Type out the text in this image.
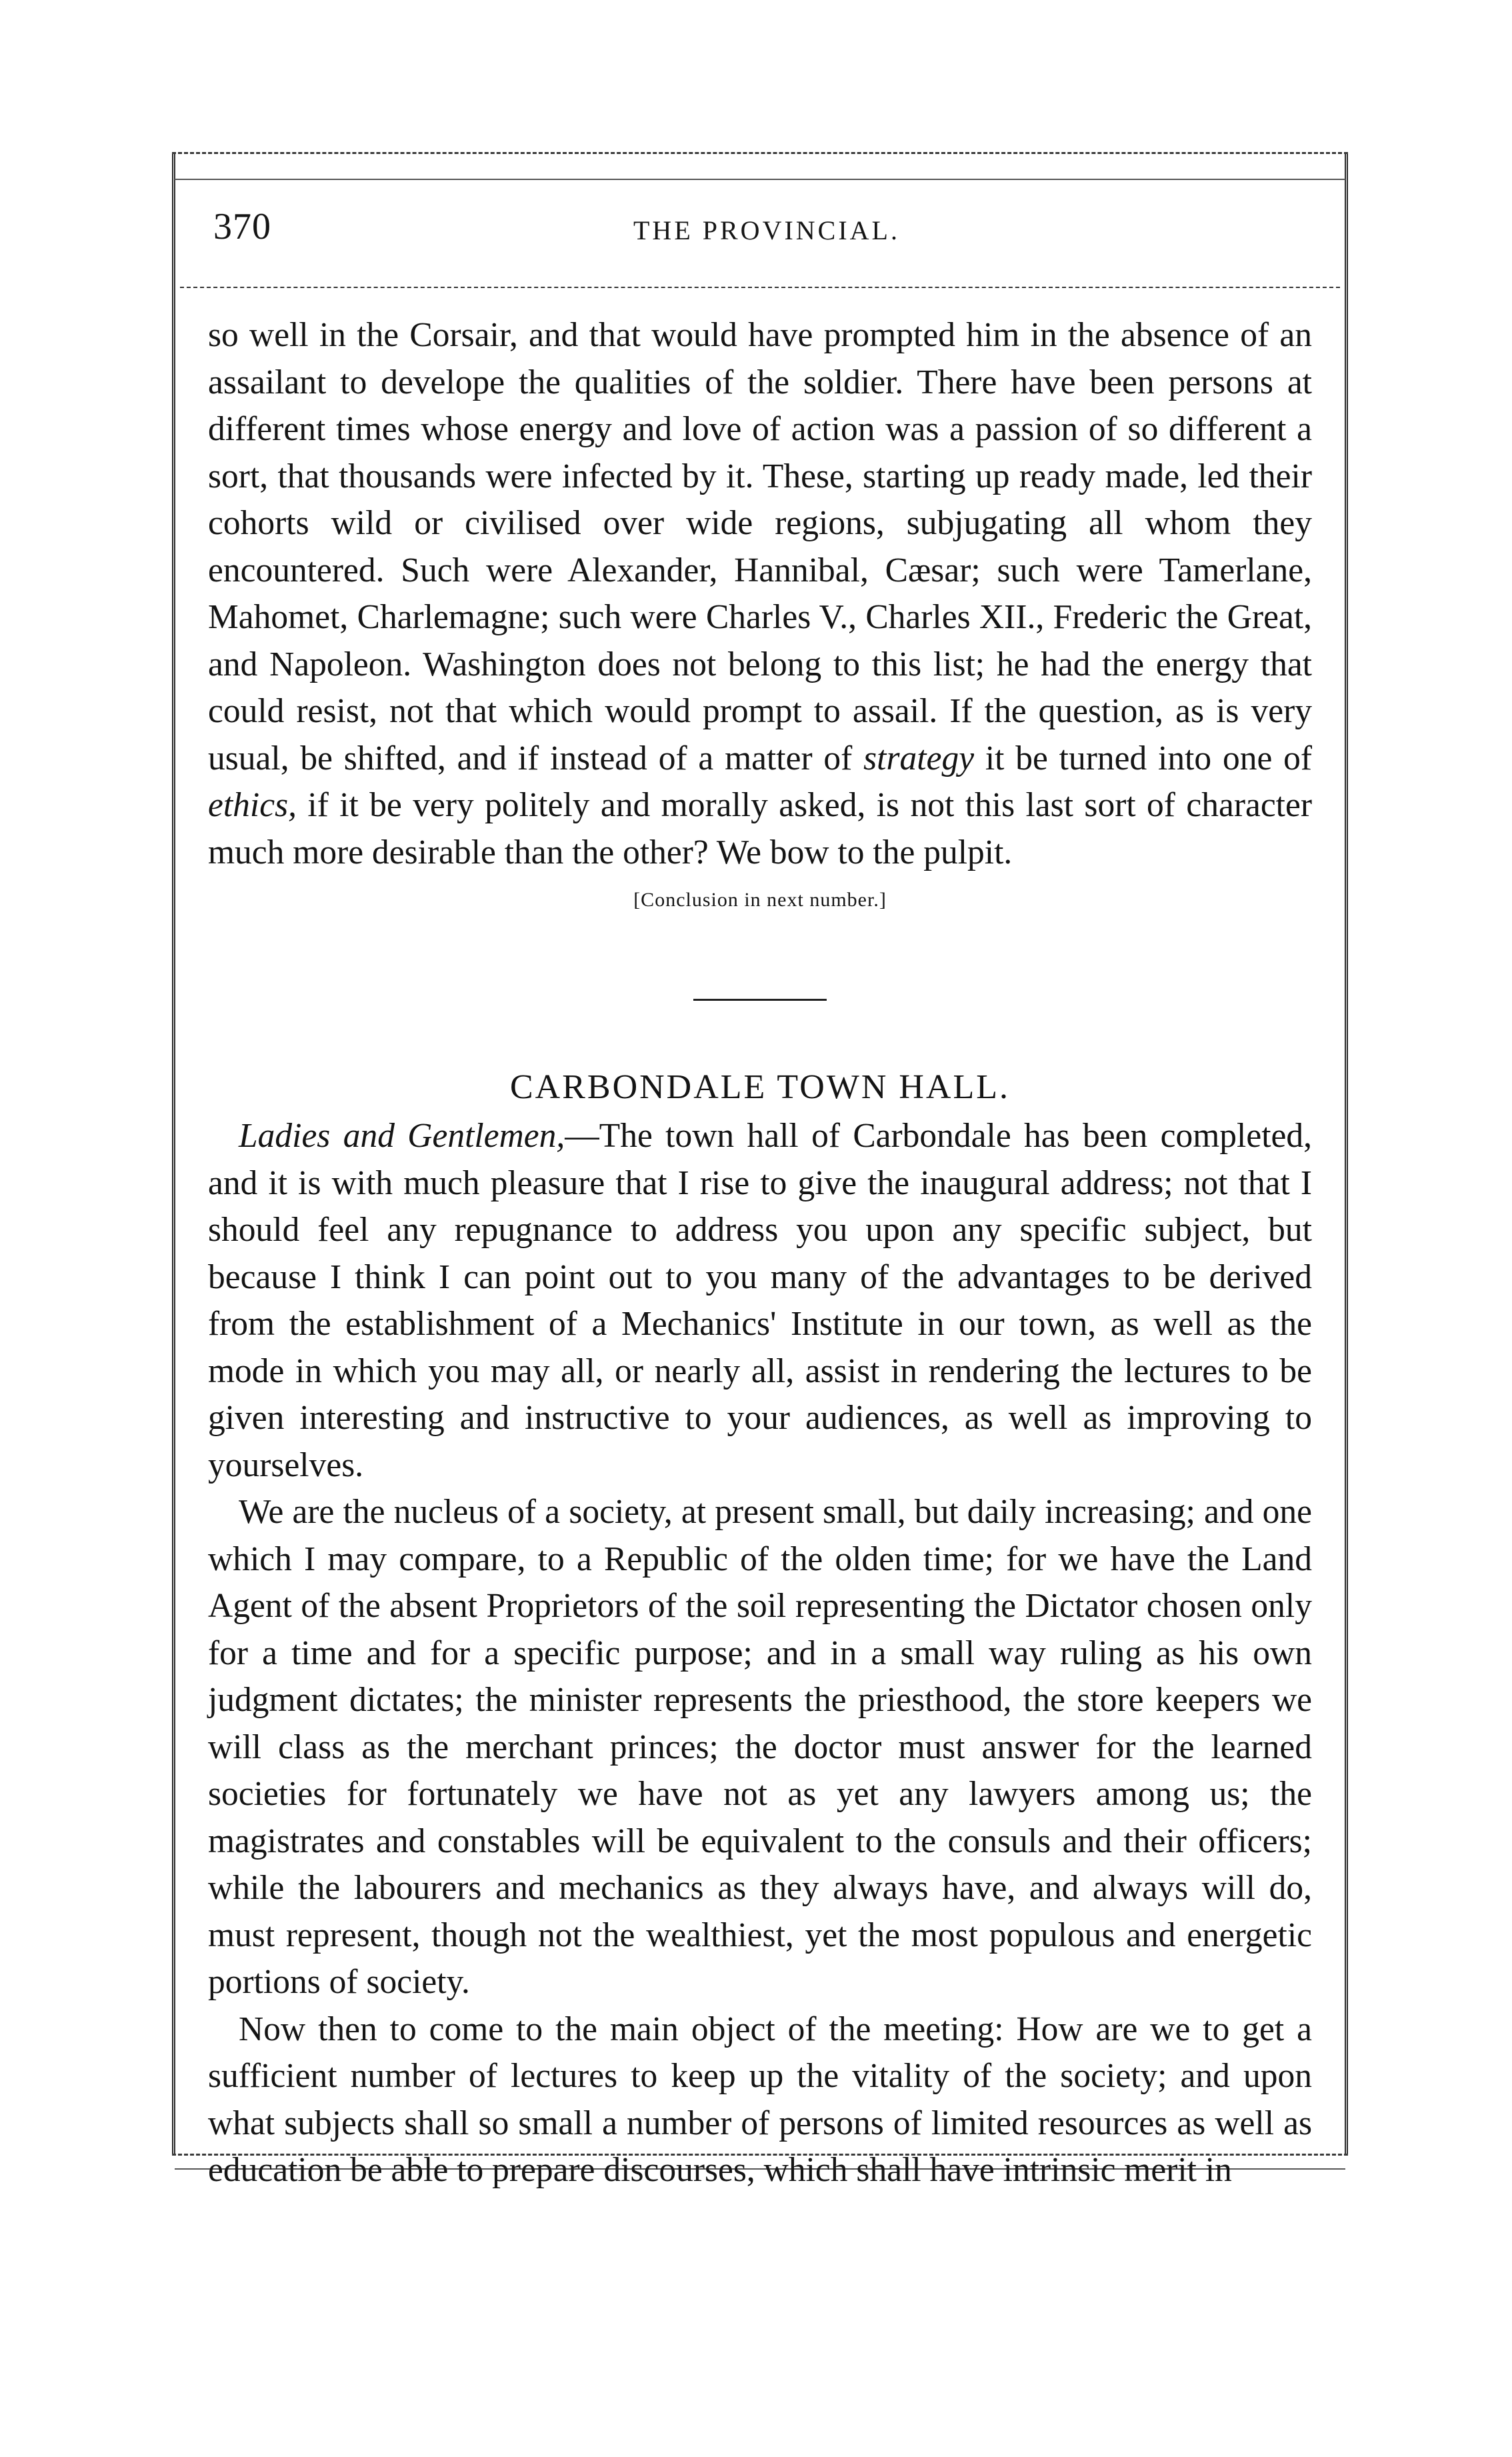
370	THE PROVINCIAL.

so well in the Corsair, and that would have prompted him in the absence of an assailant to develope the qualities of the soldier. There have been persons at different times whose energy and love of action was a passion of so different a sort, that thousands were infected by it. These, starting up ready made, led their cohorts wild or civilised over wide regions, subjugating all whom they encountered. Such were Alexander, Hannibal, Cæsar; such were Tamerlane, Mahomet, Charlemagne; such were Charles V., Charles XII., Frederic the Great, and Napoleon. Washington does not belong to this list; he had the energy that could resist, not that which would prompt to assail. If the question, as is very usual, be shifted, and if instead of a matter of strategy it be turned into one of ethics, if it be very politely and morally asked, is not this last sort of character much more desirable than the other? We bow to the pulpit.

[Conclusion in next number.]

CARBONDALE TOWN HALL.

Ladies and Gentlemen,—The town hall of Carbondale has been completed, and it is with much pleasure that I rise to give the inaugural address; not that I should feel any repugnance to address you upon any specific subject, but because I think I can point out to you many of the advantages to be derived from the establishment of a Mechanics' Institute in our town, as well as the mode in which you may all, or nearly all, assist in rendering the lectures to be given interesting and instructive to your audiences, as well as improving to yourselves.

We are the nucleus of a society, at present small, but daily increasing; and one which I may compare, to a Republic of the olden time; for we have the Land Agent of the absent Proprietors of the soil representing the Dictator chosen only for a time and for a specific purpose; and in a small way ruling as his own judgment dictates; the minister represents the priesthood, the store keepers we will class as the merchant princes; the doctor must answer for the learned societies for fortunately we have not as yet any lawyers among us; the magistrates and constables will be equivalent to the consuls and their officers; while the labourers and mechanics as they always have, and always will do, must represent, though not the wealthiest, yet the most populous and energetic portions of society.

Now then to come to the main object of the meeting: How are we to get a sufficient number of lectures to keep up the vitality of the society; and upon what subjects shall so small a number of persons of limited resources as well as education be able to prepare discourses, which shall have intrinsic merit in
